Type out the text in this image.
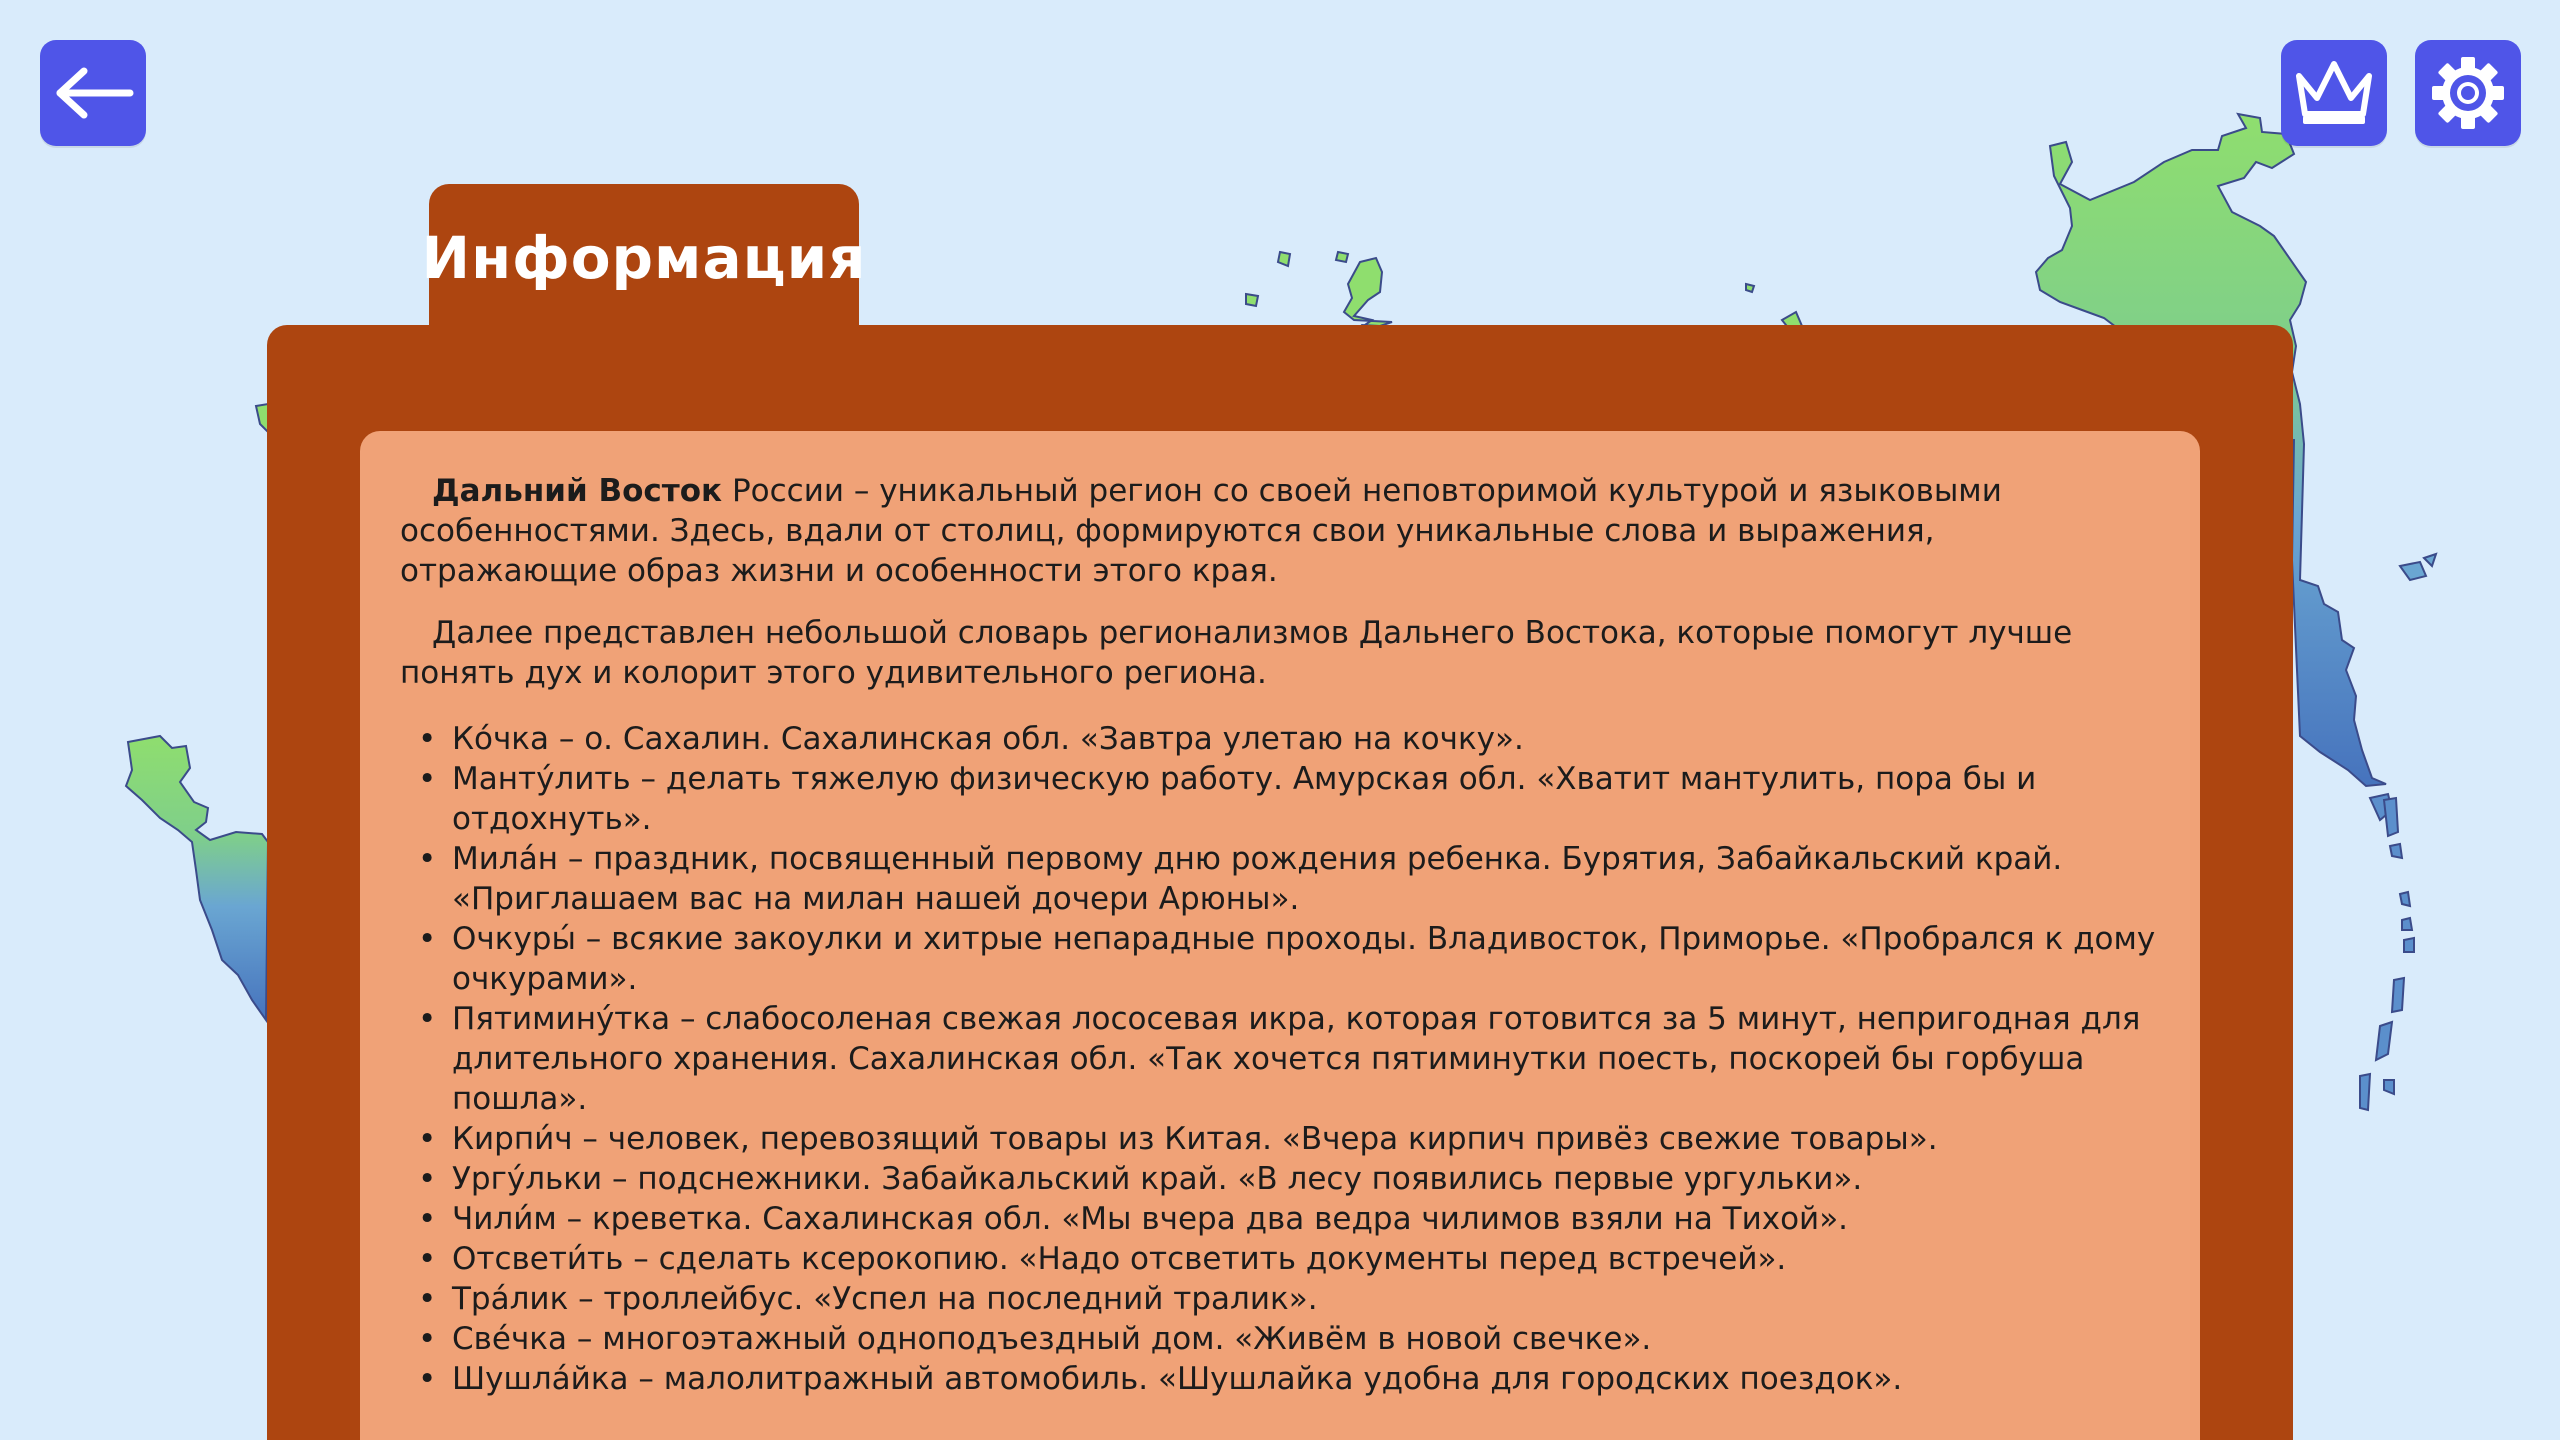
Информация

Дальний Восток России – уникальный регион со своей неповторимой культурой и языковыми особенностями. Здесь, вдали от столиц, формируются свои уникальные слова и выражения, отражающие образ жизни и особенности этого края.

Далее представлен небольшой словарь регионализмов Дальнего Востока, которые помогут лучше понять дух и колорит этого удивительного региона.

• Ко́чка – о. Сахалин. Сахалинская обл. «Завтра улетаю на кочку».
• Манту́лить – делать тяжелую физическую работу. Амурская обл. «Хватит мантулить, пора бы и отдохнуть».
• Мила́н – праздник, посвященный первому дню рождения ребенка. Бурятия, Забайкальский край. «Приглашаем вас на милан нашей дочери Арюны».
• Очкуры́ – всякие закоулки и хитрые непарадные проходы. Владивосток, Приморье. «Пробрался к дому очкурами».
• Пятиминýтка – слабосоленая свежая лососевая икра, которая готовится за 5 минут, непригодная для длительного хранения. Сахалинская обл. «Так хочется пятиминутки поесть, поскорей бы горбуша пошла».
• Кирпи́ч – человек, перевозящий товары из Китая. «Вчера кирпич привёз свежие товары».
• Ургу́льки – подснежники. Забайкальский край. «В лесу появились первые ургульки».
• Чили́м – креветка. Сахалинская обл. «Мы вчера два ведра чилимов взяли на Тихой».
• Отсвети́ть – сделать ксерокопию. «Надо отсветить документы перед встречей».
• Тра́лик – троллейбус. «Успел на последний тралик».
• Све́чка – многоэтажный одноподъездный дом. «Живём в новой свечке».
• Шушла́йка – малолитражный автомобиль. «Шушлайка удобна для городских поездок».
